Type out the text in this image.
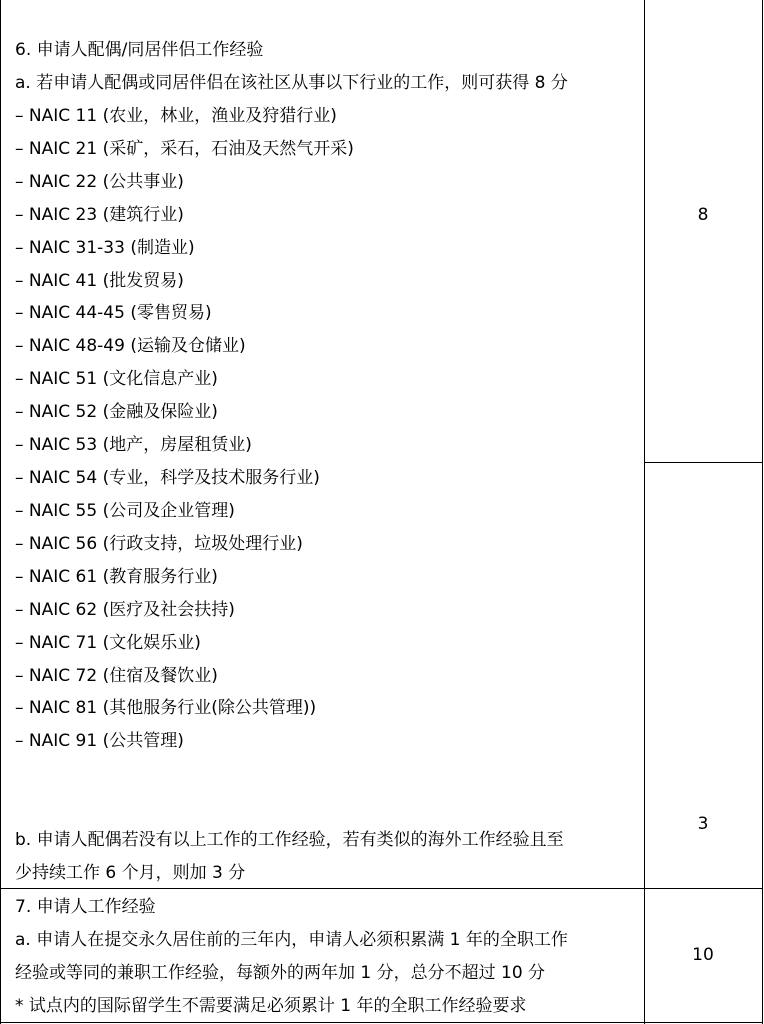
6. 申请人配偶/同居伴侣工作经验
a. 若申请人配偶或同居伴侣在该社区从事以下行业的工作，则可获得 8 分
– NAIC 11 (农业，林业，渔业及狩猎行业)
– NAIC 21 (采矿，采石，石油及天然气开采)
– NAIC 22 (公共事业)
– NAIC 23 (建筑行业)
– NAIC 31-33 (制造业)
– NAIC 41 (批发贸易)
– NAIC 44-45 (零售贸易)
– NAIC 48-49 (运输及仓储业)
– NAIC 51 (文化信息产业)
– NAIC 52 (金融及保险业)
– NAIC 53 (地产，房屋租赁业)
– NAIC 54 (专业，科学及技术服务行业)
– NAIC 55 (公司及企业管理)
– NAIC 56 (行政支持，垃圾处理行业)
– NAIC 61 (教育服务行业)
– NAIC 62 (医疗及社会扶持)
– NAIC 71 (文化娱乐业)
– NAIC 72 (住宿及餐饮业)
– NAIC 81 (其他服务行业(除公共管理))
– NAIC 91 (公共管理)
b. 申请人配偶若没有以上工作的工作经验，若有类似的海外工作经验且至
少持续工作 6 个月，则加 3 分
8
3
7. 申请人工作经验
a. 申请人在提交永久居住前的三年内，申请人必须积累满 1 年的全职工作
经验或等同的兼职工作经验，每额外的两年加 1 分，总分不超过 10 分
* 试点内的国际留学生不需要满足必须累计 1 年的全职工作经验要求
10
